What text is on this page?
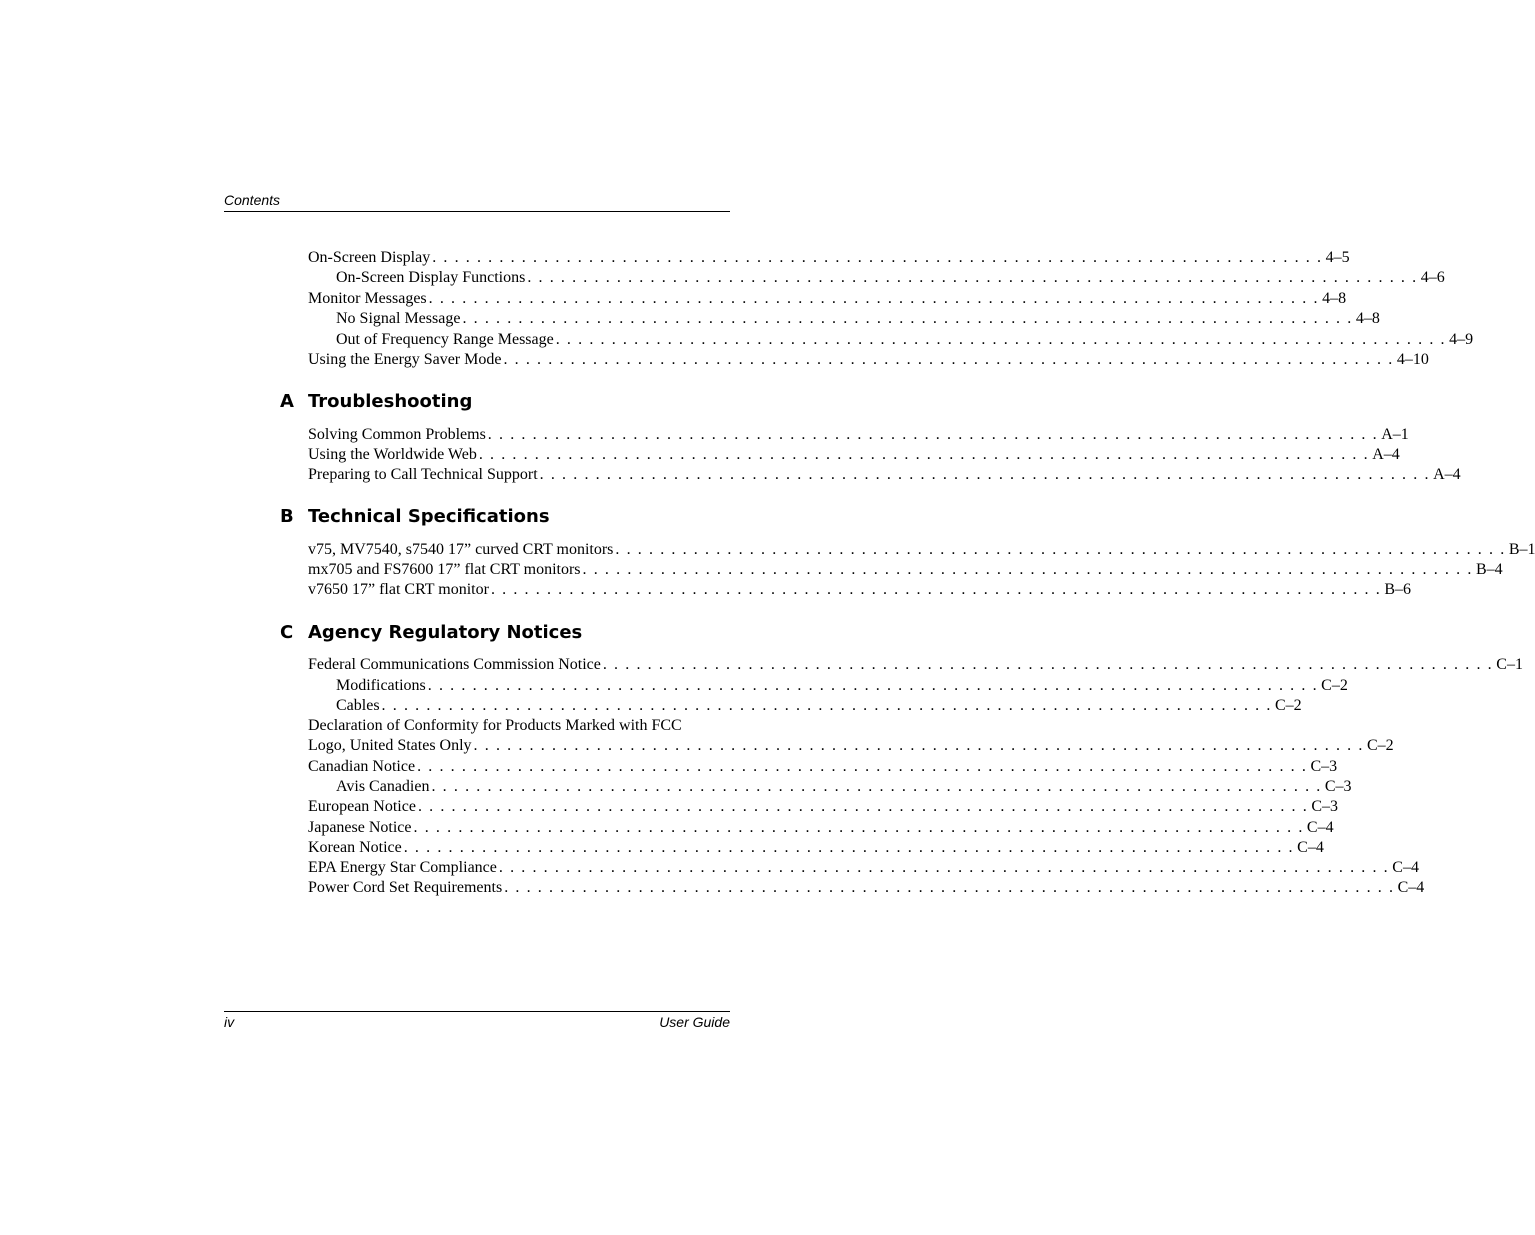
Contents
On-Screen Display . . . . . . . . . . . . . . . . . . . . . . . . . . . . . . . . . . . . . . . . . . . . . . . . . . . . . . . . . . . . . . . . . . . . . . . . . . . . . . . . 4–5
On-Screen Display Functions . . . . . . . . . . . . . . . . . . . . . . . . . . . . . . . . . . . . . . . . . . . . . . . . . . . . . . . . . . . . . . . . . . . . . . . . . . . . . . . . 4–6
Monitor Messages . . . . . . . . . . . . . . . . . . . . . . . . . . . . . . . . . . . . . . . . . . . . . . . . . . . . . . . . . . . . . . . . . . . . . . . . . . . . . . . . 4–8
No Signal Message . . . . . . . . . . . . . . . . . . . . . . . . . . . . . . . . . . . . . . . . . . . . . . . . . . . . . . . . . . . . . . . . . . . . . . . . . . . . . . . . 4–8
Out of Frequency Range Message . . . . . . . . . . . . . . . . . . . . . . . . . . . . . . . . . . . . . . . . . . . . . . . . . . . . . . . . . . . . . . . . . . . . . . . . . . . . . . . . 4–9
Using the Energy Saver Mode . . . . . . . . . . . . . . . . . . . . . . . . . . . . . . . . . . . . . . . . . . . . . . . . . . . . . . . . . . . . . . . . . . . . . . . . . . . . . . . . 4–10
A Troubleshooting
Solving Common Problems . . . . . . . . . . . . . . . . . . . . . . . . . . . . . . . . . . . . . . . . . . . . . . . . . . . . . . . . . . . . . . . . . . . . . . . . . . . . . . . . A–1
Using the Worldwide Web . . . . . . . . . . . . . . . . . . . . . . . . . . . . . . . . . . . . . . . . . . . . . . . . . . . . . . . . . . . . . . . . . . . . . . . . . . . . . . . . A–4
Preparing to Call Technical Support . . . . . . . . . . . . . . . . . . . . . . . . . . . . . . . . . . . . . . . . . . . . . . . . . . . . . . . . . . . . . . . . . . . . . . . . . . . . . . . . A–4
B Technical Specifications
v75, MV7540, s7540 17” curved CRT monitors . . . . . . . . . . . . . . . . . . . . . . . . . . . . . . . . . . . . . . . . . . . . . . . . . . . . . . . . . . . . . . . . . . . . . . . . . . . . . . . . B–1
mx705 and FS7600 17” flat CRT monitors . . . . . . . . . . . . . . . . . . . . . . . . . . . . . . . . . . . . . . . . . . . . . . . . . . . . . . . . . . . . . . . . . . . . . . . . . . . . . . . . B–4
v7650 17” flat CRT monitor . . . . . . . . . . . . . . . . . . . . . . . . . . . . . . . . . . . . . . . . . . . . . . . . . . . . . . . . . . . . . . . . . . . . . . . . . . . . . . . . B–6
C Agency Regulatory Notices
Federal Communications Commission Notice . . . . . . . . . . . . . . . . . . . . . . . . . . . . . . . . . . . . . . . . . . . . . . . . . . . . . . . . . . . . . . . . . . . . . . . . . . . . . . . . C–1
Modifications . . . . . . . . . . . . . . . . . . . . . . . . . . . . . . . . . . . . . . . . . . . . . . . . . . . . . . . . . . . . . . . . . . . . . . . . . . . . . . . . C–2
Cables . . . . . . . . . . . . . . . . . . . . . . . . . . . . . . . . . . . . . . . . . . . . . . . . . . . . . . . . . . . . . . . . . . . . . . . . . . . . . . . . C–2
Declaration of Conformity for Products Marked with FCC
Logo, United States Only . . . . . . . . . . . . . . . . . . . . . . . . . . . . . . . . . . . . . . . . . . . . . . . . . . . . . . . . . . . . . . . . . . . . . . . . . . . . . . . . C–2
Canadian Notice . . . . . . . . . . . . . . . . . . . . . . . . . . . . . . . . . . . . . . . . . . . . . . . . . . . . . . . . . . . . . . . . . . . . . . . . . . . . . . . . C–3
Avis Canadien . . . . . . . . . . . . . . . . . . . . . . . . . . . . . . . . . . . . . . . . . . . . . . . . . . . . . . . . . . . . . . . . . . . . . . . . . . . . . . . . C–3
European Notice . . . . . . . . . . . . . . . . . . . . . . . . . . . . . . . . . . . . . . . . . . . . . . . . . . . . . . . . . . . . . . . . . . . . . . . . . . . . . . . . C–3
Japanese Notice . . . . . . . . . . . . . . . . . . . . . . . . . . . . . . . . . . . . . . . . . . . . . . . . . . . . . . . . . . . . . . . . . . . . . . . . . . . . . . . . C–4
Korean Notice . . . . . . . . . . . . . . . . . . . . . . . . . . . . . . . . . . . . . . . . . . . . . . . . . . . . . . . . . . . . . . . . . . . . . . . . . . . . . . . . C–4
EPA Energy Star Compliance . . . . . . . . . . . . . . . . . . . . . . . . . . . . . . . . . . . . . . . . . . . . . . . . . . . . . . . . . . . . . . . . . . . . . . . . . . . . . . . . C–4
Power Cord Set Requirements . . . . . . . . . . . . . . . . . . . . . . . . . . . . . . . . . . . . . . . . . . . . . . . . . . . . . . . . . . . . . . . . . . . . . . . . . . . . . . . . C–4
iv	User Guide
